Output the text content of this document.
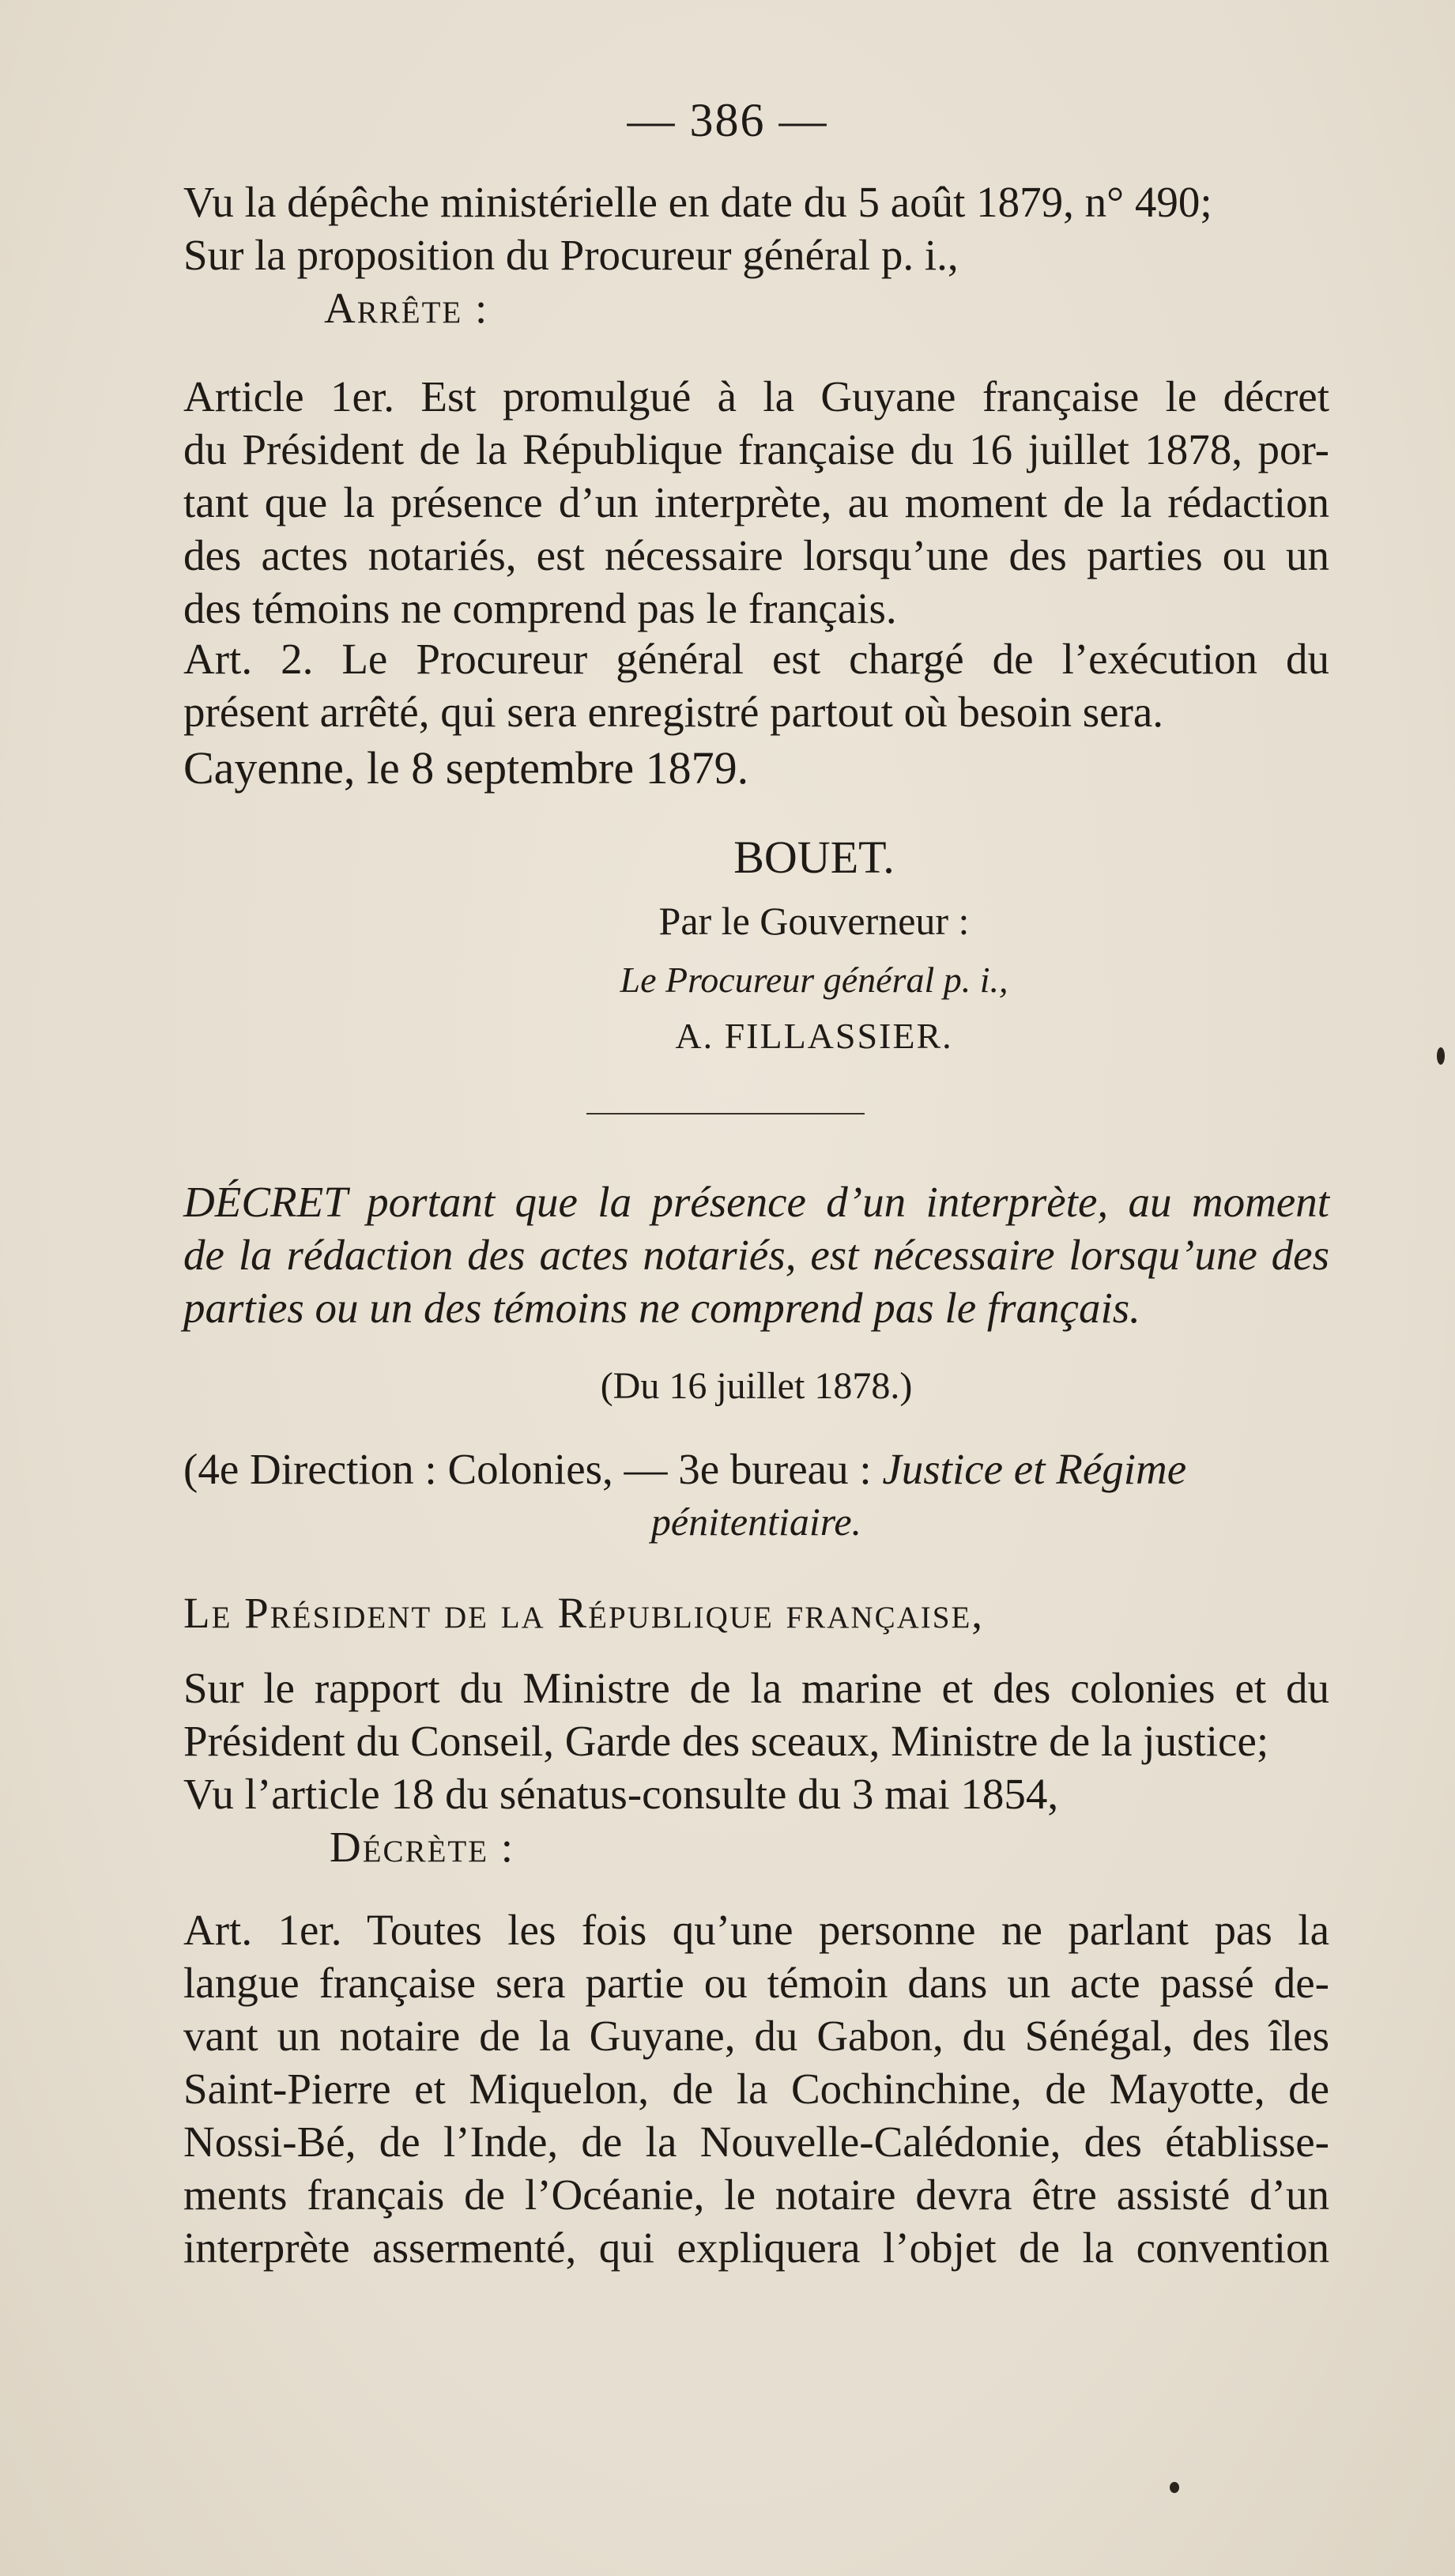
— 386 —

Vu la dépêche ministérielle en date du 5 août 1879, n° 490;

Sur la proposition du Procureur général p. i.,

Arrête :

Article 1er. Est promulgué à la Guyane française le décret

du Président de la République française du 16 juillet 1878, por-

tant que la présence d’un interprète, au moment de la rédaction

des actes notariés, est nécessaire lorsqu’une des parties ou un

des témoins ne comprend pas le français.

Art. 2. Le Procureur général est chargé de l’exécution du

présent arrêté, qui sera enregistré partout où besoin sera.

Cayenne, le 8 septembre 1879.

BOUET.

Par le Gouverneur :

Le Procureur général p. i.,

A. FILLASSIER.

DÉCRET portant que la présence d’un interprète, au moment

de la rédaction des actes notariés, est nécessaire lorsqu’une des

parties ou un des témoins ne comprend pas le français.

(Du 16 juillet 1878.)

(4e Direction : Colonies, — 3e bureau : Justice et Régime

pénitentiaire.

Le Président de la République française,

Sur le rapport du Ministre de la marine et des colonies et du

Président du Conseil, Garde des sceaux, Ministre de la justice;

Vu l’article 18 du sénatus-consulte du 3 mai 1854,

Décrète :

Art. 1er. Toutes les fois qu’une personne ne parlant pas la

langue française sera partie ou témoin dans un acte passé de-

vant un notaire de la Guyane, du Gabon, du Sénégal, des îles

Saint-Pierre et Miquelon, de la Cochinchine, de Mayotte, de

Nossi-Bé, de l’Inde, de la Nouvelle-Calédonie, des établisse-

ments français de l’Océanie, le notaire devra être assisté d’un

interprète assermenté, qui expliquera l’objet de la convention
